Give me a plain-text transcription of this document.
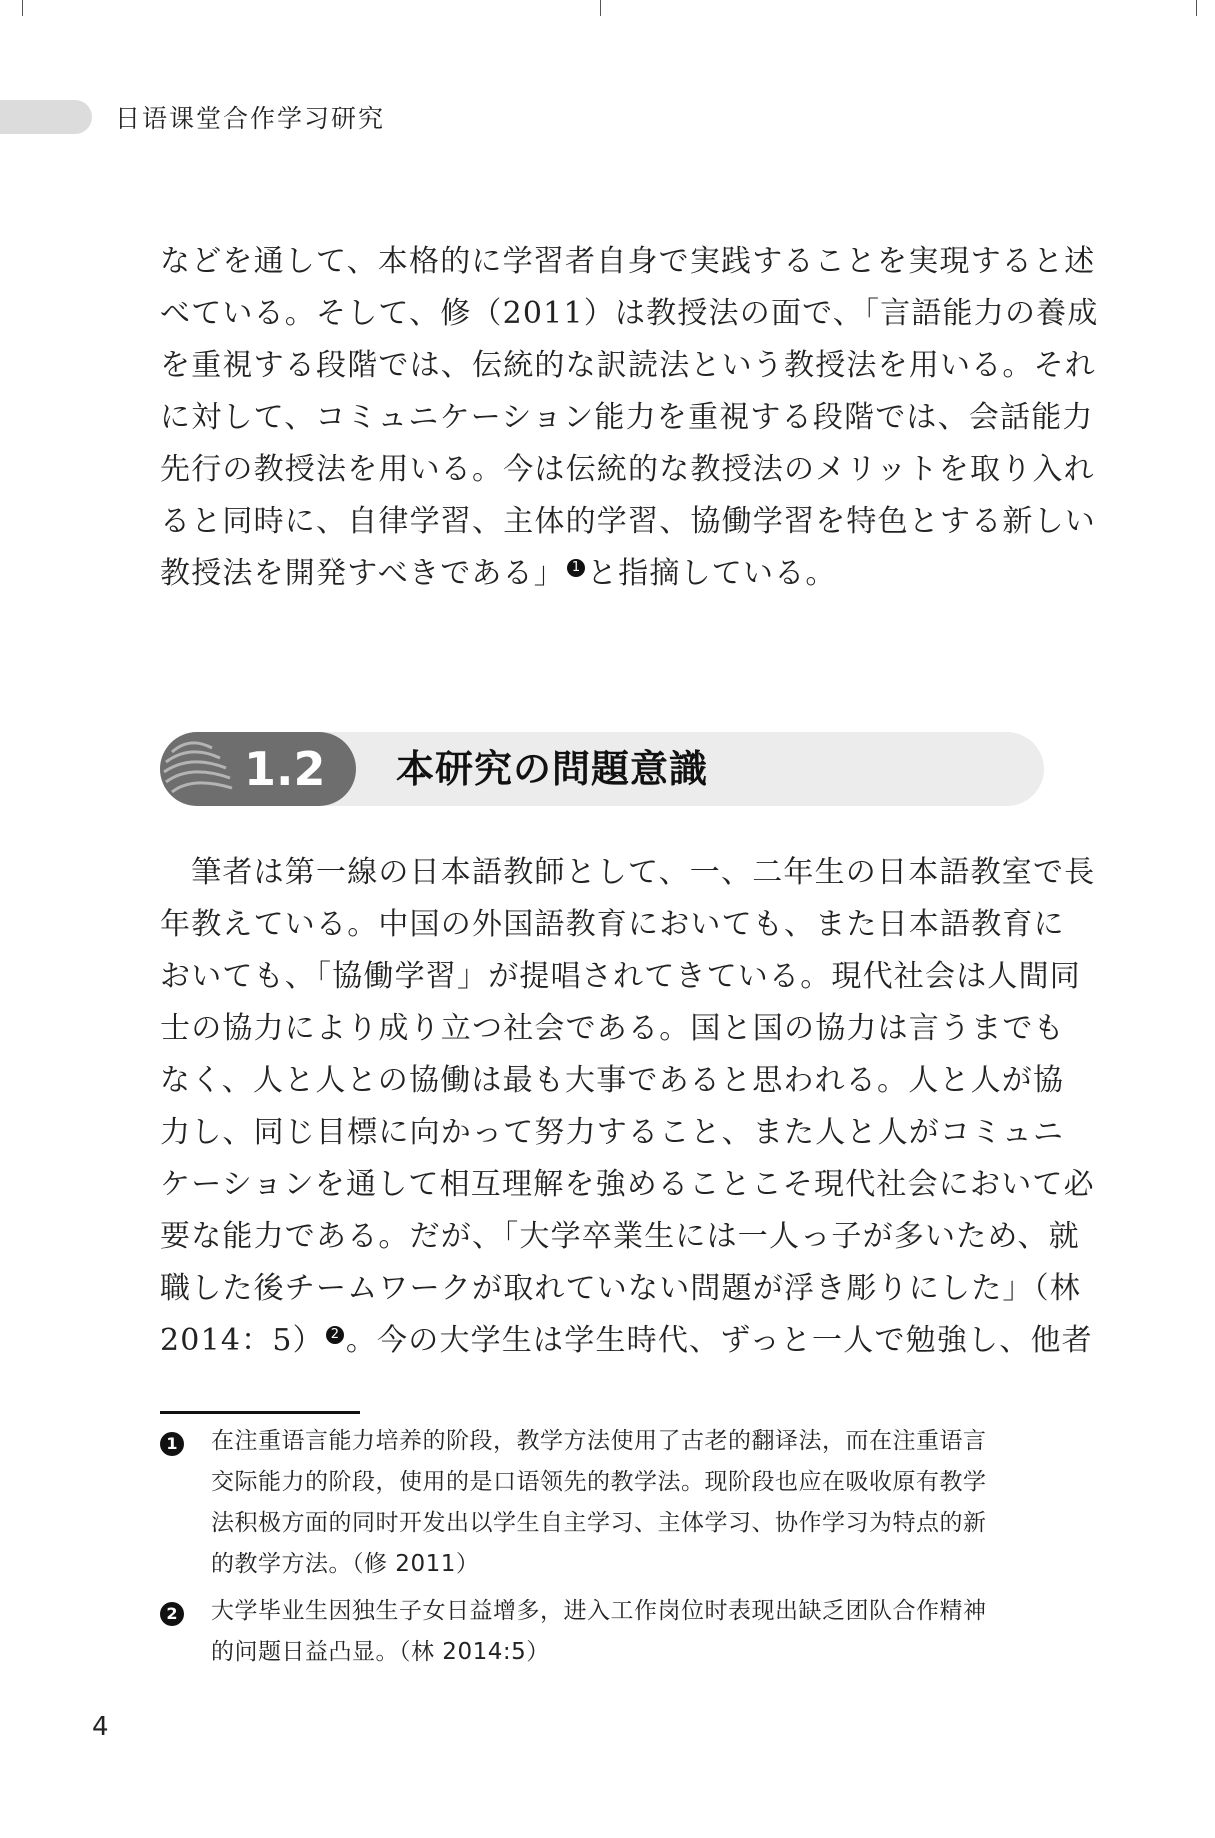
日语课堂合作学习研究
などを通して、本格的に学習者自身で実践することを実現すると述
べている。そして、修（2011）は教授法の面で、「言語能力の養成
を重視する段階では、伝統的な訳読法という教授法を用いる。それ
に対して、コミュニケーション能力を重視する段階では、会話能力
先行の教授法を用いる。今は伝統的な教授法のメリットを取り入れ
ると同時に、自律学習、主体的学習、協働学習を特色とする新しい
教授法を開発すべきである」 1 と指摘している。
1.2 本研究の問題意識
　筆者は第一線の日本語教師として、一、二年生の日本語教室で長
年教えている。中国の外国語教育においても、また日本語教育に
おいても、「協働学習」が提唱されてきている。現代社会は人間同
士の協力により成り立つ社会である。国と国の協力は言うまでも
なく、人と人との協働は最も大事であると思われる。人と人が協
力し、同じ目標に向かって努力すること、また人と人がコミュニ
ケーションを通して相互理解を強めることこそ現代社会において必
要な能力である。だが、「大学卒業生には一人っ子が多いため、就
職した後チームワークが取れていない問題が浮き彫りにした」（林
2014：5） 2 。今の大学生は学生時代、ずっと一人で勉強し、他者
1 在注重语言能力培养的阶段，教学方法使用了古老的翻译法，而在注重语言
交际能力的阶段，使用的是口语领先的教学法。现阶段也应在吸收原有教学
法积极方面的同时开发出以学生自主学习、主体学习、协作学习为特点的新
的教学方法。（修 2011）
2 大学毕业生因独生子女日益增多，进入工作岗位时表现出缺乏团队合作精神
的问题日益凸显。（林 2014:5）
4
